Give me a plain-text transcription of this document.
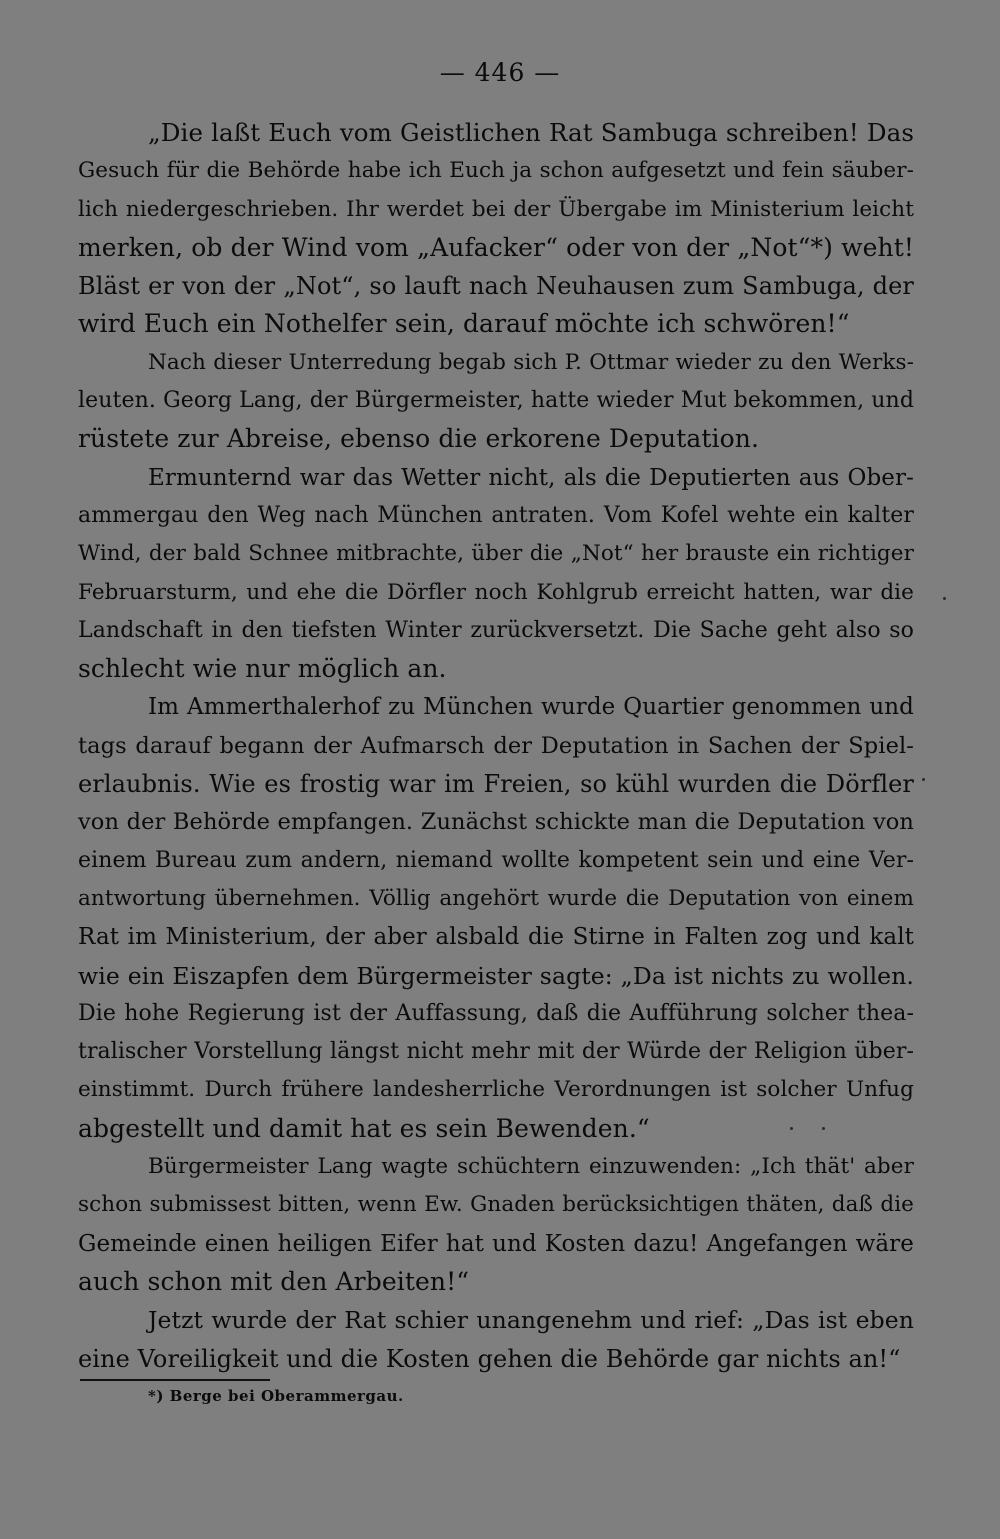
— 446 —
„Die laßt Euch vom Geistlichen Rat Sambuga schreiben! Das
Gesuch für die Behörde habe ich Euch ja schon aufgesetzt und fein säuber-
lich niedergeschrieben. Ihr werdet bei der Übergabe im Ministerium leicht
merken, ob der Wind vom „Aufacker“ oder von der „Not“*) weht!
Bläst er von der „Not“, so lauft nach Neuhausen zum Sambuga, der
wird Euch ein Nothelfer sein, darauf möchte ich schwören!“
Nach dieser Unterredung begab sich P. Ottmar wieder zu den Werks-
leuten. Georg Lang, der Bürgermeister, hatte wieder Mut bekommen, und
rüstete zur Abreise, ebenso die erkorene Deputation.
Ermunternd war das Wetter nicht, als die Deputierten aus Ober-
ammergau den Weg nach München antraten. Vom Kofel wehte ein kalter
Wind, der bald Schnee mitbrachte, über die „Not“ her brauste ein richtiger
Februarsturm, und ehe die Dörfler noch Kohlgrub erreicht hatten, war die
Landschaft in den tiefsten Winter zurückversetzt. Die Sache geht also so
schlecht wie nur möglich an.
Im Ammerthalerhof zu München wurde Quartier genommen und
tags darauf begann der Aufmarsch der Deputation in Sachen der Spiel-
erlaubnis. Wie es frostig war im Freien, so kühl wurden die Dörfler
von der Behörde empfangen. Zunächst schickte man die Deputation von
einem Bureau zum andern, niemand wollte kompetent sein und eine Ver-
antwortung übernehmen. Völlig angehört wurde die Deputation von einem
Rat im Ministerium, der aber alsbald die Stirne in Falten zog und kalt
wie ein Eiszapfen dem Bürgermeister sagte: „Da ist nichts zu wollen.
Die hohe Regierung ist der Auffassung, daß die Aufführung solcher thea-
tralischer Vorstellung längst nicht mehr mit der Würde der Religion über-
einstimmt. Durch frühere landesherrliche Verordnungen ist solcher Unfug
abgestellt und damit hat es sein Bewenden.“
Bürgermeister Lang wagte schüchtern einzuwenden: „Ich thät' aber
schon submissest bitten, wenn Ew. Gnaden berücksichtigen thäten, daß die
Gemeinde einen heiligen Eifer hat und Kosten dazu! Angefangen wäre
auch schon mit den Arbeiten!“
Jetzt wurde der Rat schier unangenehm und rief: „Das ist eben
eine Voreiligkeit und die Kosten gehen die Behörde gar nichts an!“
*) Berge bei Oberammergau.
